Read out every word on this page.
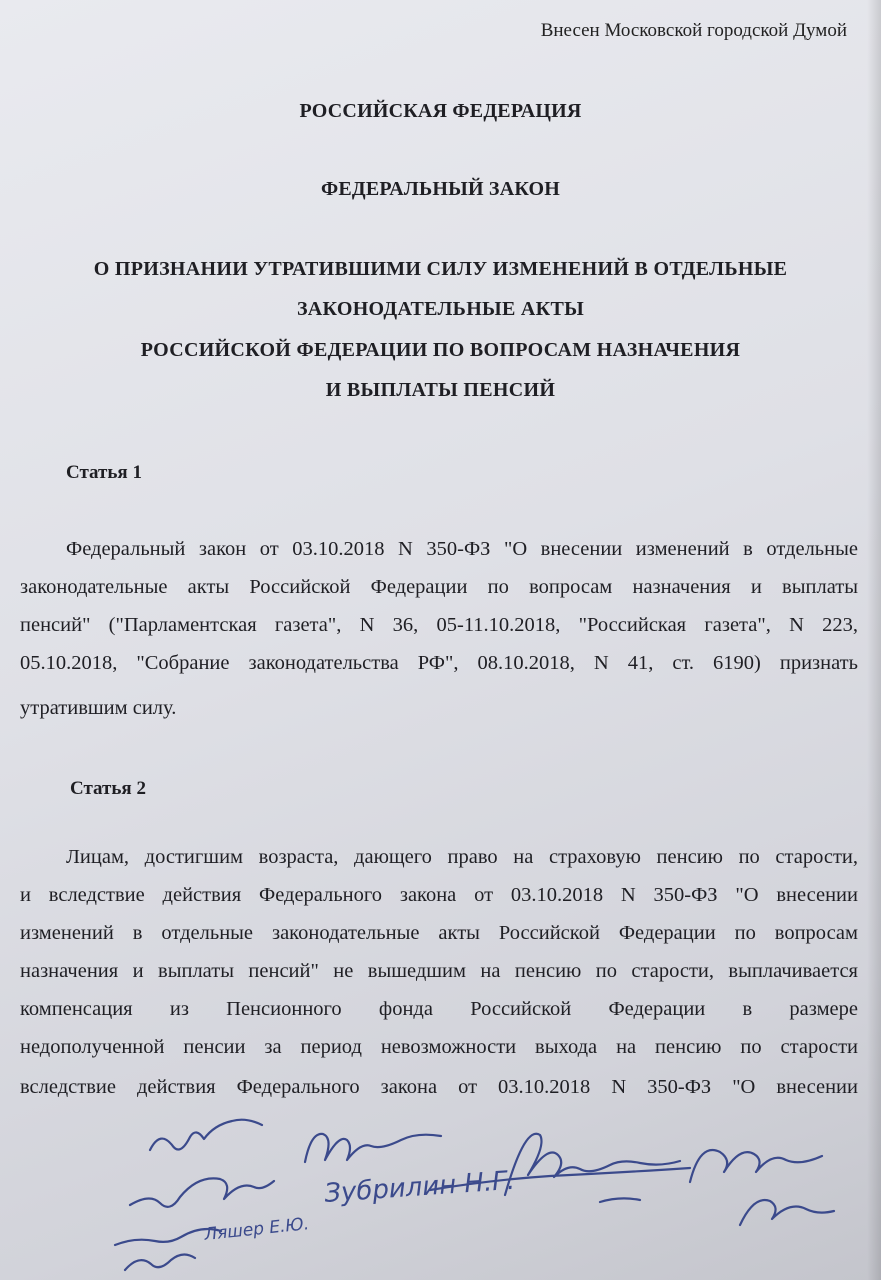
Внесен Московской городской Думой
РОССИЙСКАЯ ФЕДЕРАЦИЯ
ФЕДЕРАЛЬНЫЙ ЗАКОН
О ПРИЗНАНИИ УТРАТИВШИМИ СИЛУ ИЗМЕНЕНИЙ В ОТДЕЛЬНЫЕ
ЗАКОНОДАТЕЛЬНЫЕ АКТЫ
РОССИЙСКОЙ ФЕДЕРАЦИИ ПО ВОПРОСАМ НАЗНАЧЕНИЯ
И ВЫПЛАТЫ ПЕНСИЙ
Статья 1
Федеральный закон от 03.10.2018 N 350-ФЗ "О внесении изменений в отдельные
законодательные акты Российской Федерации по вопросам назначения и выплаты
пенсий" ("Парламентская газета", N 36, 05-11.10.2018, "Российская газета", N 223,
05.10.2018, "Собрание законодательства РФ", 08.10.2018, N 41, ст. 6190) признать
утратившим силу.
Статья 2
Лицам, достигшим возраста, дающего право на страховую пенсию по старости,
и вследствие действия Федерального закона от 03.10.2018 N 350-ФЗ "О внесении
изменений в отдельные законодательные акты Российской Федерации по вопросам
назначения и выплаты пенсий" не вышедшим на пенсию по старости, выплачивается
компенсация из Пенсионного фонда Российской Федерации в размере
недополученной пенсии за период невозможности выхода на пенсию по старости
вследствие действия Федерального закона от 03.10.2018 N 350-ФЗ "О внесении
Зубрилин Н.Г.
Ляшер Е.Ю.
